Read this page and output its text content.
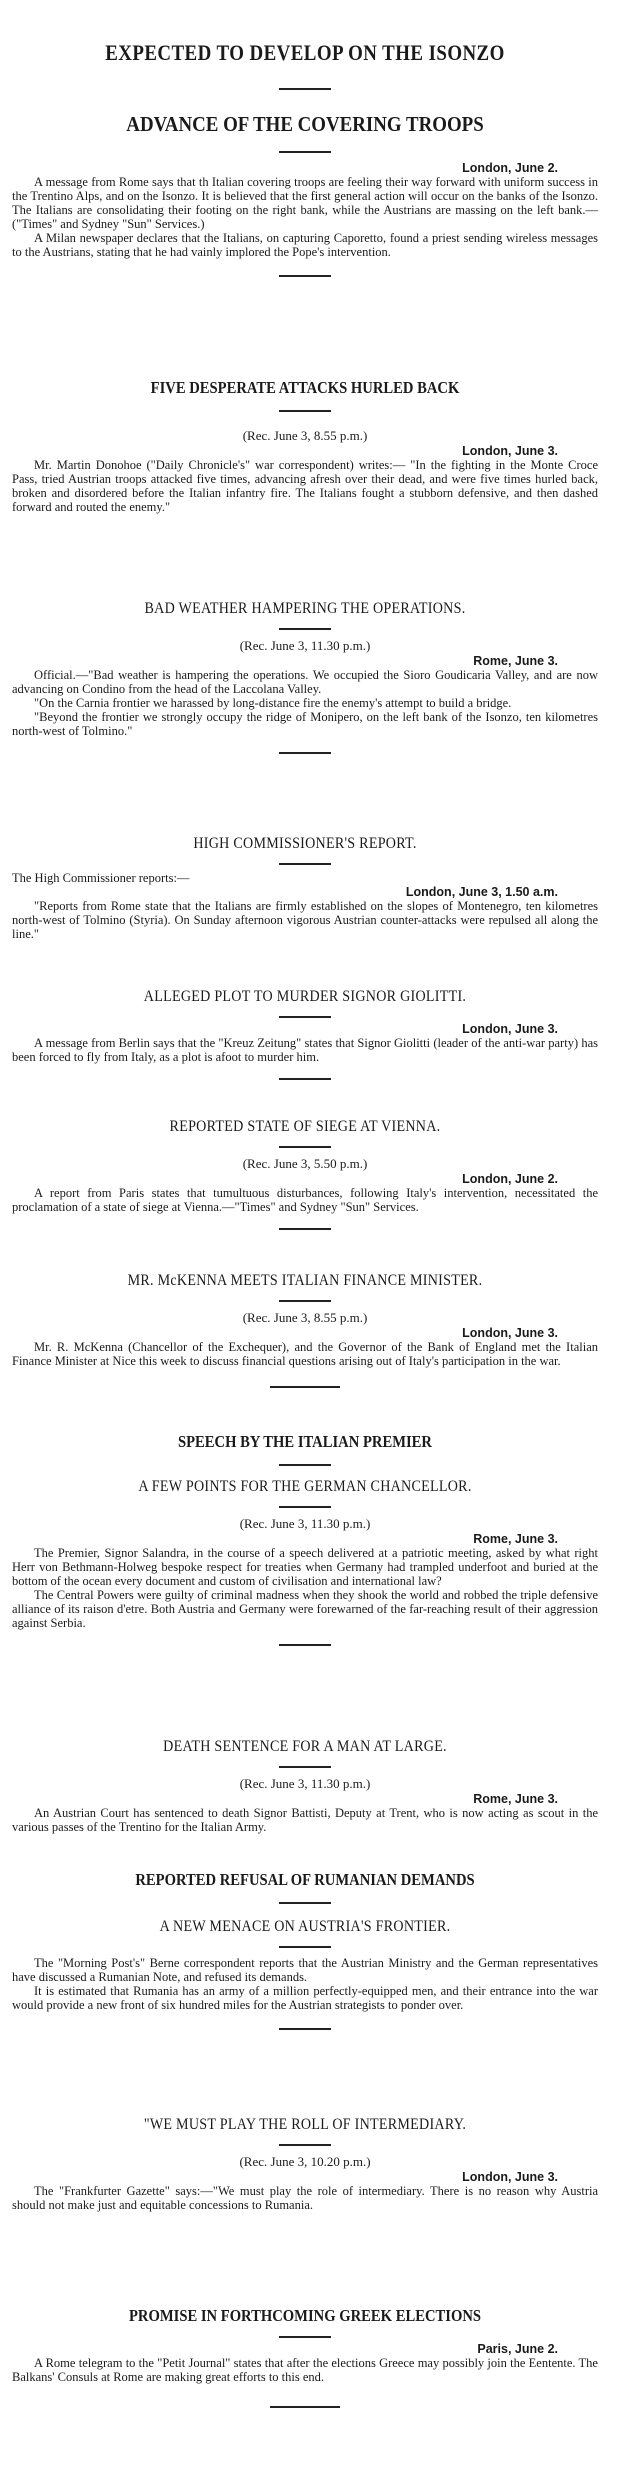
EXPECTED TO DEVELOP ON THE ISONZO
ADVANCE OF THE COVERING TROOPS

London, June 2.

A message from Rome says that th Italian covering troops are feeling their way forward with uniform success in the Trentino Alps, and on the Isonzo. It is believed that the first general action will occur on the banks of the Isonzo. The Italians are consolidating their footing on the right bank, while the Austrians are massing on the left bank.—("Times" and Sydney "Sun" Services.)

A Milan newspaper declares that the Italians, on capturing Caporetto, found a priest sending wireless messages to the Austrians, stating that he had vainly implored the Pope's intervention.

FIVE DESPERATE ATTACKS HURLED BACK

(Rec. June 3, 8.55 p.m.)

London, June 3.

Mr. Martin Donohoe ("Daily Chronicle's" war correspondent) writes:— "In the fighting in the Monte Croce Pass, tried Austrian troops attacked five times, advancing afresh over their dead, and were five times hurled back, broken and disordered before the Italian infantry fire. The Italians fought a stubborn defensive, and then dashed forward and routed the enemy."

BAD WEATHER HAMPERING THE OPERATIONS.

(Rec. June 3, 11.30 p.m.)

Rome, June 3.

Official.—"Bad weather is hampering the operations. We occupied the Sioro Goudicaria Valley, and are now advancing on Condino from the head of the Laccolana Valley.

"On the Carnia frontier we harassed by long-distance fire the enemy's attempt to build a bridge.

"Beyond the frontier we strongly occupy the ridge of Monipero, on the left bank of the Isonzo, ten kilometres north-west of Tolmino."

HIGH COMMISSIONER'S REPORT.

The High Commissioner reports:—

London, June 3, 1.50 a.m.

"Reports from Rome state that the Italians are firmly established on the slopes of Montenegro, ten kilometres north-west of Tolmino (Styria). On Sunday afternoon vigorous Austrian counter-attacks were repulsed all along the line."

ALLEGED PLOT TO MURDER SIGNOR GIOLITTI.

London, June 3.

A message from Berlin says that the "Kreuz Zeitung" states that Signor Giolitti (leader of the anti-war party) has been forced to fly from Italy, as a plot is afoot to murder him.

REPORTED STATE OF SIEGE AT VIENNA.

(Rec. June 3, 5.50 p.m.)

London, June 2.

A report from Paris states that tumultuous disturbances, following Italy's intervention, necessitated the proclamation of a state of siege at Vienna.—"Times" and Sydney "Sun" Services.

MR. McKENNA MEETS ITALIAN FINANCE MINISTER.

(Rec. June 3, 8.55 p.m.)

London, June 3.

Mr. R. McKenna (Chancellor of the Exchequer), and the Governor of the Bank of England met the Italian Finance Minister at Nice this week to discuss financial questions arising out of Italy's participation in the war.

SPEECH BY THE ITALIAN PREMIER
A FEW POINTS FOR THE GERMAN CHANCELLOR.

(Rec. June 3, 11.30 p.m.)

Rome, June 3.

The Premier, Signor Salandra, in the course of a speech delivered at a patriotic meeting, asked by what right Herr von Bethmann-Holweg bespoke respect for treaties when Germany had trampled underfoot and buried at the bottom of the ocean every document and custom of civilisation and international law?

The Central Powers were guilty of criminal madness when they shook the world and robbed the triple defensive alliance of its raison d'etre. Both Austria and Germany were forewarned of the far-reaching result of their aggression against Serbia.

DEATH SENTENCE FOR A MAN AT LARGE.

(Rec. June 3, 11.30 p.m.)

Rome, June 3.

An Austrian Court has sentenced to death Signor Battisti, Deputy at Trent, who is now acting as scout in the various passes of the Trentino for the Italian Army.

REPORTED REFUSAL OF RUMANIAN DEMANDS
A NEW MENACE ON AUSTRIA'S FRONTIER.

The "Morning Post's" Berne correspondent reports that the Austrian Ministry and the German representatives have discussed a Rumanian Note, and refused its demands.

It is estimated that Rumania has an army of a million perfectly-equipped men, and their entrance into the war would provide a new front of six hundred miles for the Austrian strategists to ponder over.

"WE MUST PLAY THE ROLL OF INTERMEDIARY.

(Rec. June 3, 10.20 p.m.)

London, June 3.

The "Frankfurter Gazette" says:—"We must play the role of intermediary. There is no reason why Austria should not make just and equitable concessions to Rumania.

PROMISE IN FORTHCOMING GREEK ELECTIONS

Paris, June 2.

A Rome telegram to the "Petit Journal" states that after the elections Greece may possibly join the Eentente. The Balkans' Consuls at Rome are making great efforts to this end.
